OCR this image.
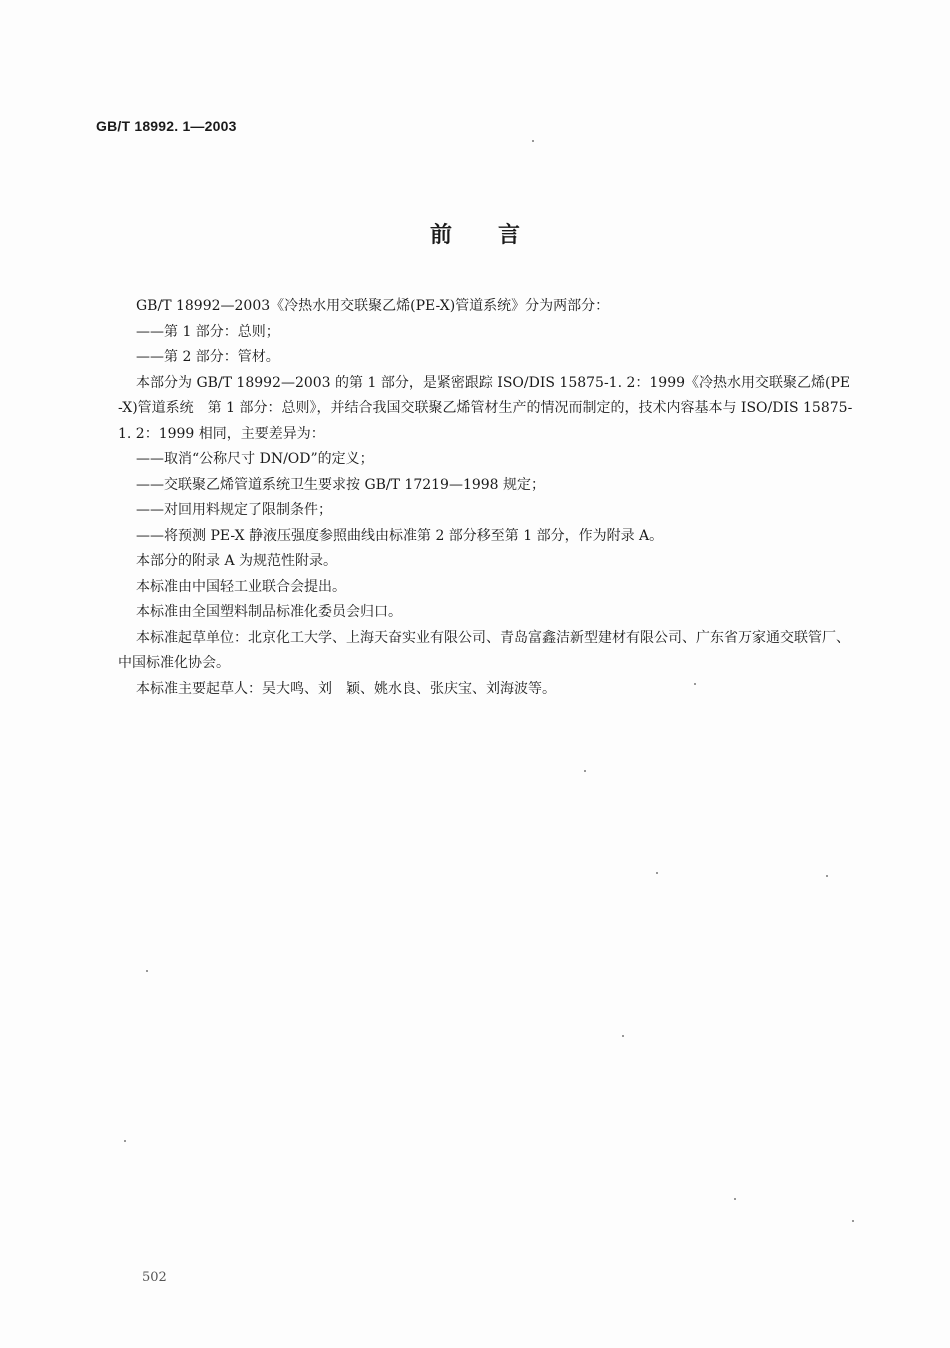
GB/T 18992. 1—2003
前言

GB/T 18992—2003《冷热水用交联聚乙烯(PE-X)管道系统》分为两部分：

——第 1 部分：总则；

——第 2 部分：管材。

本部分为 GB/T 18992—2003 的第 1 部分，是紧密跟踪 ISO/DIS 15875-1. 2：1999《冷热水用交联聚乙烯(PE-X)管道系统　第 1 部分：总则》，并结合我国交联聚乙烯管材生产的情况而制定的，技术内容基本与 ISO/DIS 15875-1. 2：1999 相同，主要差异为：

——取消“公称尺寸 DN/OD”的定义；

——交联聚乙烯管道系统卫生要求按 GB/T 17219—1998 规定；

——对回用料规定了限制条件；

——将预测 PE-X 静液压强度参照曲线由标准第 2 部分移至第 1 部分，作为附录 A。

本部分的附录 A 为规范性附录。

本标准由中国轻工业联合会提出。

本标准由全国塑料制品标准化委员会归口。

本标准起草单位：北京化工大学、上海天奋实业有限公司、青岛富鑫洁新型建材有限公司、广东省万家通交联管厂、中国标准化协会。

本标准主要起草人：吴大鸣、刘　颖、姚水良、张庆宝、刘海波等。

502
